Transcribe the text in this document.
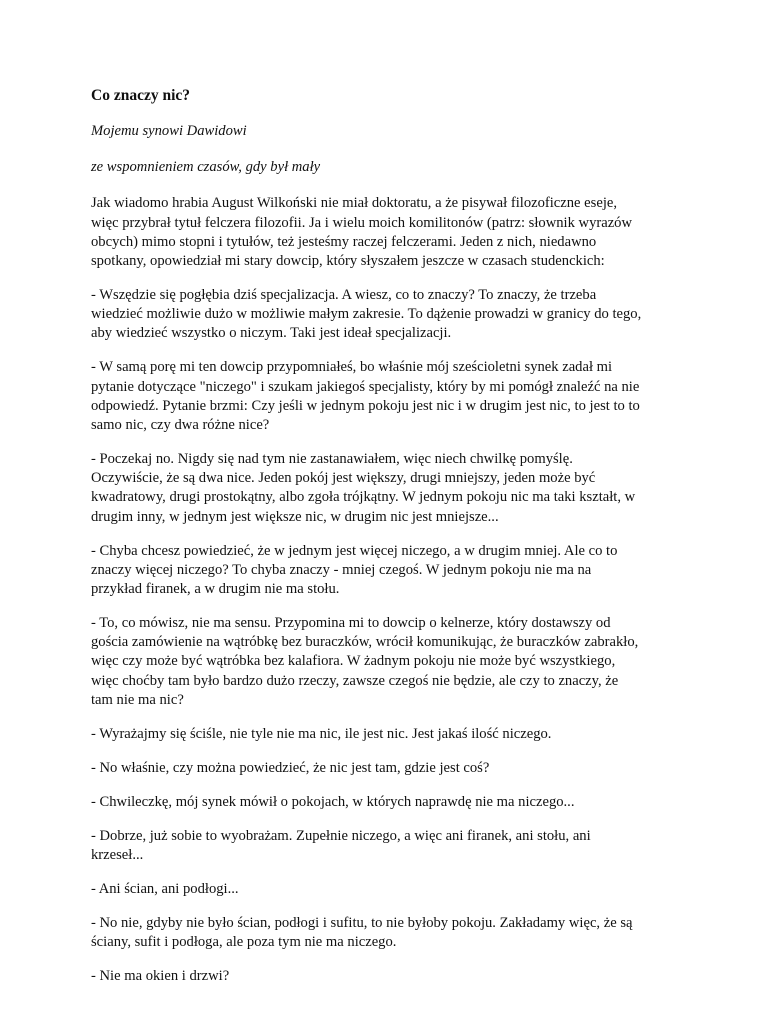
Co znaczy nic?

Mojemu synowi Dawidowi

ze wspomnieniem czasów, gdy był mały

Jak wiadomo hrabia August Wilkoński nie miał doktoratu, a że pisywał filozoficzne eseje,
więc przybrał tytuł felczera filozofii. Ja i wielu moich komilitonów (patrz: słownik wyrazów
obcych) mimo stopni i tytułów, też jesteśmy raczej felczerami. Jeden z nich, niedawno
spotkany, opowiedział mi stary dowcip, który słyszałem jeszcze w czasach studenckich:

- Wszędzie się pogłębia dziś specjalizacja. A wiesz, co to znaczy? To znaczy, że trzeba
wiedzieć możliwie dużo w możliwie małym zakresie. To dążenie prowadzi w granicy do tego,
aby wiedzieć wszystko o niczym. Taki jest ideał specjalizacji.

- W samą porę mi ten dowcip przypomniałeś, bo właśnie mój sześcioletni synek zadał mi
pytanie dotyczące "niczego" i szukam jakiegoś specjalisty, który by mi pomógł znaleźć na nie
odpowiedź. Pytanie brzmi: Czy jeśli w jednym pokoju jest nic i w drugim jest nic, to jest to to
samo nic, czy dwa różne nice?

- Poczekaj no. Nigdy się nad tym nie zastanawiałem, więc niech chwilkę pomyślę.
Oczywiście, że są dwa nice. Jeden pokój jest większy, drugi mniejszy, jeden może być
kwadratowy, drugi prostokątny, albo zgoła trójkątny. W jednym pokoju nic ma taki kształt, w
drugim inny, w jednym jest większe nic, w drugim nic jest mniejsze...

- Chyba chcesz powiedzieć, że w jednym jest więcej niczego, a w drugim mniej. Ale co to
znaczy więcej niczego? To chyba znaczy - mniej czegoś. W jednym pokoju nie ma na
przykład firanek, a w drugim nie ma stołu.

- To, co mówisz, nie ma sensu. Przypomina mi to dowcip o kelnerze, który dostawszy od
gościa zamówienie na wątróbkę bez buraczków, wrócił komunikując, że buraczków zabrakło,
więc czy może być wątróbka bez kalafiora. W żadnym pokoju nie może być wszystkiego,
więc choćby tam było bardzo dużo rzeczy, zawsze czegoś nie będzie, ale czy to znaczy, że
tam nie ma nic?

- Wyrażajmy się ściśle, nie tyle nie ma nic, ile jest nic. Jest jakaś ilość niczego.

- No właśnie, czy można powiedzieć, że nic jest tam, gdzie jest coś?

- Chwileczkę, mój synek mówił o pokojach, w których naprawdę nie ma niczego...

- Dobrze, już sobie to wyobrażam. Zupełnie niczego, a więc ani firanek, ani stołu, ani
krzeseł...

- Ani ścian, ani podłogi...

- No nie, gdyby nie było ścian, podłogi i sufitu, to nie byłoby pokoju. Zakładamy więc, że są
ściany, sufit i podłoga, ale poza tym nie ma niczego.

- Nie ma okien i drzwi?
